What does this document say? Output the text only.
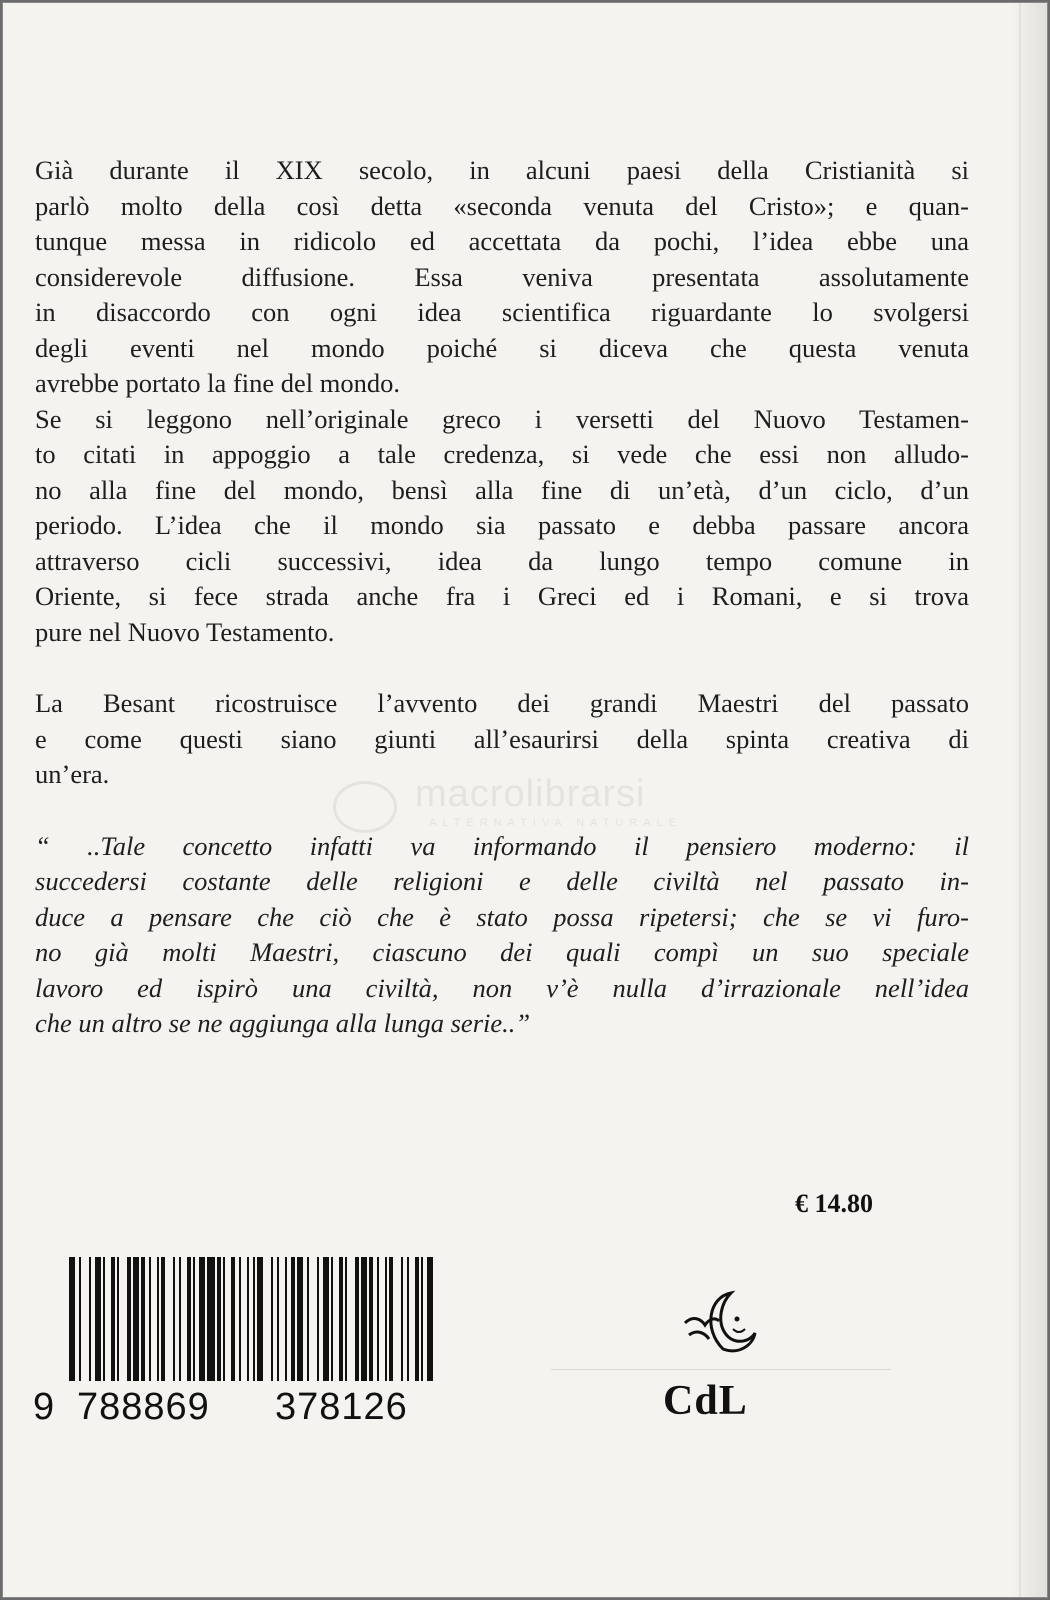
Già durante il XIX secolo, in alcuni paesi della Cristianità si
parlò molto della così detta «seconda venuta del Cristo»; e quan-
tunque messa in ridicolo ed accettata da pochi, l’idea ebbe una
considerevole diffusione. Essa veniva presentata assolutamente
in disaccordo con ogni idea scientifica riguardante lo svolgersi
degli eventi nel mondo poiché si diceva che questa venuta
avrebbe portato la fine del mondo.

Se si leggono nell’originale greco i versetti del Nuovo Testamen-
to citati in appoggio a tale credenza, si vede che essi non alludo-
no alla fine del mondo, bensì alla fine di un’età, d’un ciclo, d’un
periodo. L’idea che il mondo sia passato e debba passare ancora
attraverso cicli successivi, idea da lungo tempo comune in
Oriente, si fece strada anche fra i Greci ed i Romani, e si trova
pure nel Nuovo Testamento.

La Besant ricostruisce l’avvento dei grandi Maestri del passato
e come questi siano giunti all’esaurirsi della spinta creativa di
un’era.

“ ..Tale concetto infatti va informando il pensiero moderno: il
succedersi costante delle religioni e delle civiltà nel passato in-
duce a pensare che ciò che è stato possa ripetersi; che se vi furo-
no già molti Maestri, ciascuno dei quali compì un suo speciale
lavoro ed ispirò una civiltà, non v’è nulla d’irrazionale nell’idea
che un altro se ne aggiunga alla lunga serie..”

macrolibrarsi
ALTERNATIVA NATURALE
€ 14.80
9 788869 378126	CdL
